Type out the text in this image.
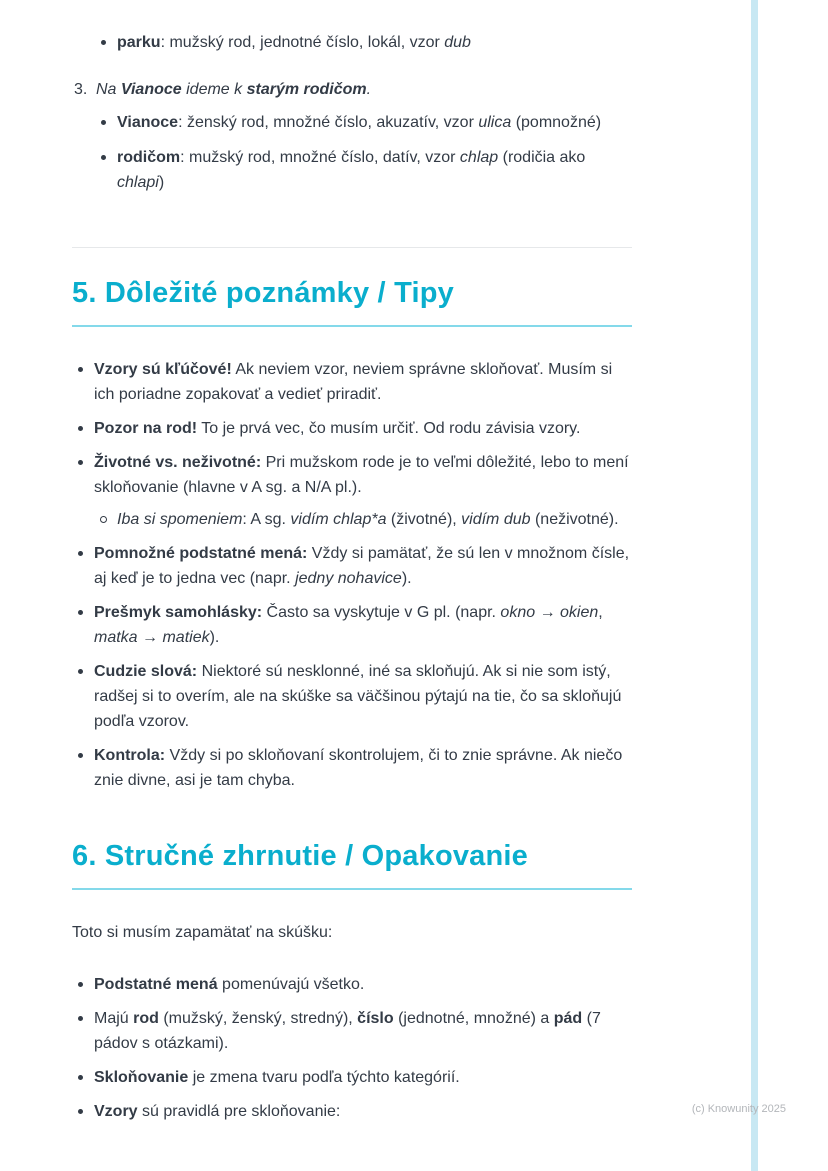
parku: mužský rod, jednotné číslo, lokál, vzor dub
3. Na Vianoce ideme k starým rodičom.
Vianoce: ženský rod, množné číslo, akuzatív, vzor ulica (pomnožné)
rodičom: mužský rod, množné číslo, datív, vzor chlap (rodičia ako chlapi)
5. Dôležité poznámky / Tipy
Vzory sú kľúčové! Ak neviem vzor, neviem správne skloňovať. Musím si ich poriadne zopakovať a vedieť priradiť.
Pozor na rod! To je prvá vec, čo musím určiť. Od rodu závisia vzory.
Životné vs. neživotné: Pri mužskom rode je to veľmi dôležité, lebo to mení skloňovanie (hlavne v A sg. a N/A pl.).
Iba si spomeniem: A sg. vidím chlap*a (životné), vidím dub (neživotné).
Pomnožné podstatné mená: Vždy si pamätať, že sú len v množnom čísle, aj keď je to jedna vec (napr. jedny nohavice).
Prešmyk samohlásky: Často sa vyskytuje v G pl. (napr. okno → okien, matka → matiek).
Cudzie slová: Niektoré sú nesklonné, iné sa skloňujú. Ak si nie som istý, radšej si to overím, ale na skúške sa väčšinou pýtajú na tie, čo sa skloňujú podľa vzorov.
Kontrola: Vždy si po skloňovaní skontrolujem, či to znie správne. Ak niečo znie divne, asi je tam chyba.
6. Stručné zhrnutie / Opakovanie

Toto si musím zapamätať na skúšku:

Podstatné mená pomenúvajú všetko.
Majú rod (mužský, ženský, stredný), číslo (jednotné, množné) a pád (7 pádov s otázkami).
Skloňovanie je zmena tvaru podľa týchto kategórií.
Vzory sú pravidlá pre skloňovanie:	(c) Knowunity 2025
